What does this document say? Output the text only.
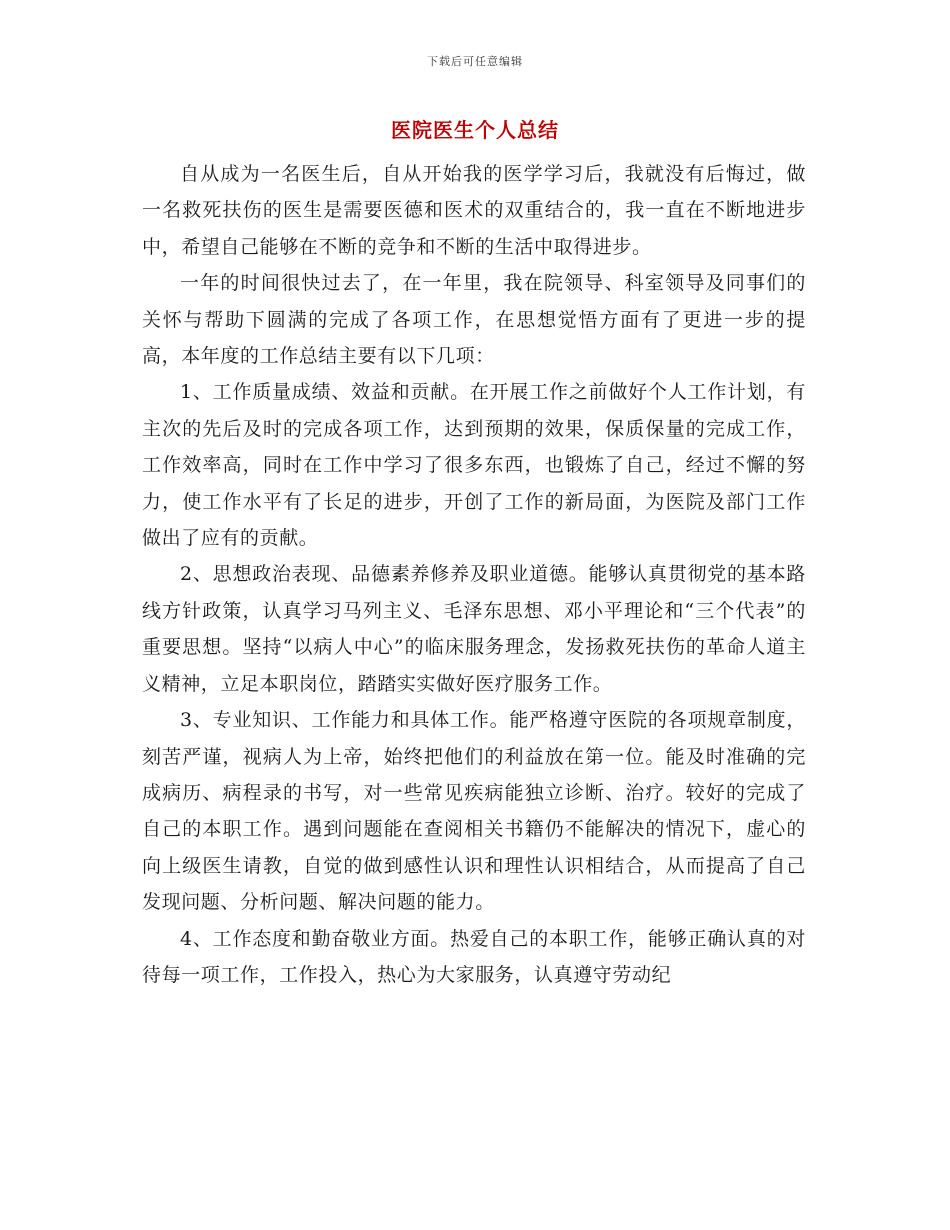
下载后可任意编辑
医院医生个人总结

自从成为一名医生后，自从开始我的医学学习后，我就没有后悔过，做一名救死扶伤的医生是需要医德和医术的双重结合的，我一直在不断地进步中，希望自己能够在不断的竞争和不断的生活中取得进步。

一年的时间很快过去了，在一年里，我在院领导、科室领导及同事们的关怀与帮助下圆满的完成了各项工作，在思想觉悟方面有了更进一步的提高，本年度的工作总结主要有以下几项：

1、工作质量成绩、效益和贡献。在开展工作之前做好个人工作计划，有主次的先后及时的完成各项工作，达到预期的效果，保质保量的完成工作，工作效率高，同时在工作中学习了很多东西，也锻炼了自己，经过不懈的努力，使工作水平有了长足的进步，开创了工作的新局面，为医院及部门工作做出了应有的贡献。

2、思想政治表现、品德素养修养及职业道德。能够认真贯彻党的基本路线方针政策，认真学习马列主义、毛泽东思想、邓小平理论和“三个代表”的重要思想。坚持“以病人中心”的临床服务理念，发扬救死扶伤的革命人道主义精神，立足本职岗位，踏踏实实做好医疗服务工作。

3、专业知识、工作能力和具体工作。能严格遵守医院的各项规章制度，刻苦严谨，视病人为上帝，始终把他们的利益放在第一位。能及时准确的完成病历、病程录的书写，对一些常见疾病能独立诊断、治疗。较好的完成了自己的本职工作。遇到问题能在查阅相关书籍仍不能解决的情况下，虚心的向上级医生请教，自觉的做到感性认识和理性认识相结合，从而提高了自己发现问题、分析问题、解决问题的能力。

4、工作态度和勤奋敬业方面。热爱自己的本职工作，能够正确认真的对待每一项工作，工作投入，热心为大家服务，认真遵守劳动纪
